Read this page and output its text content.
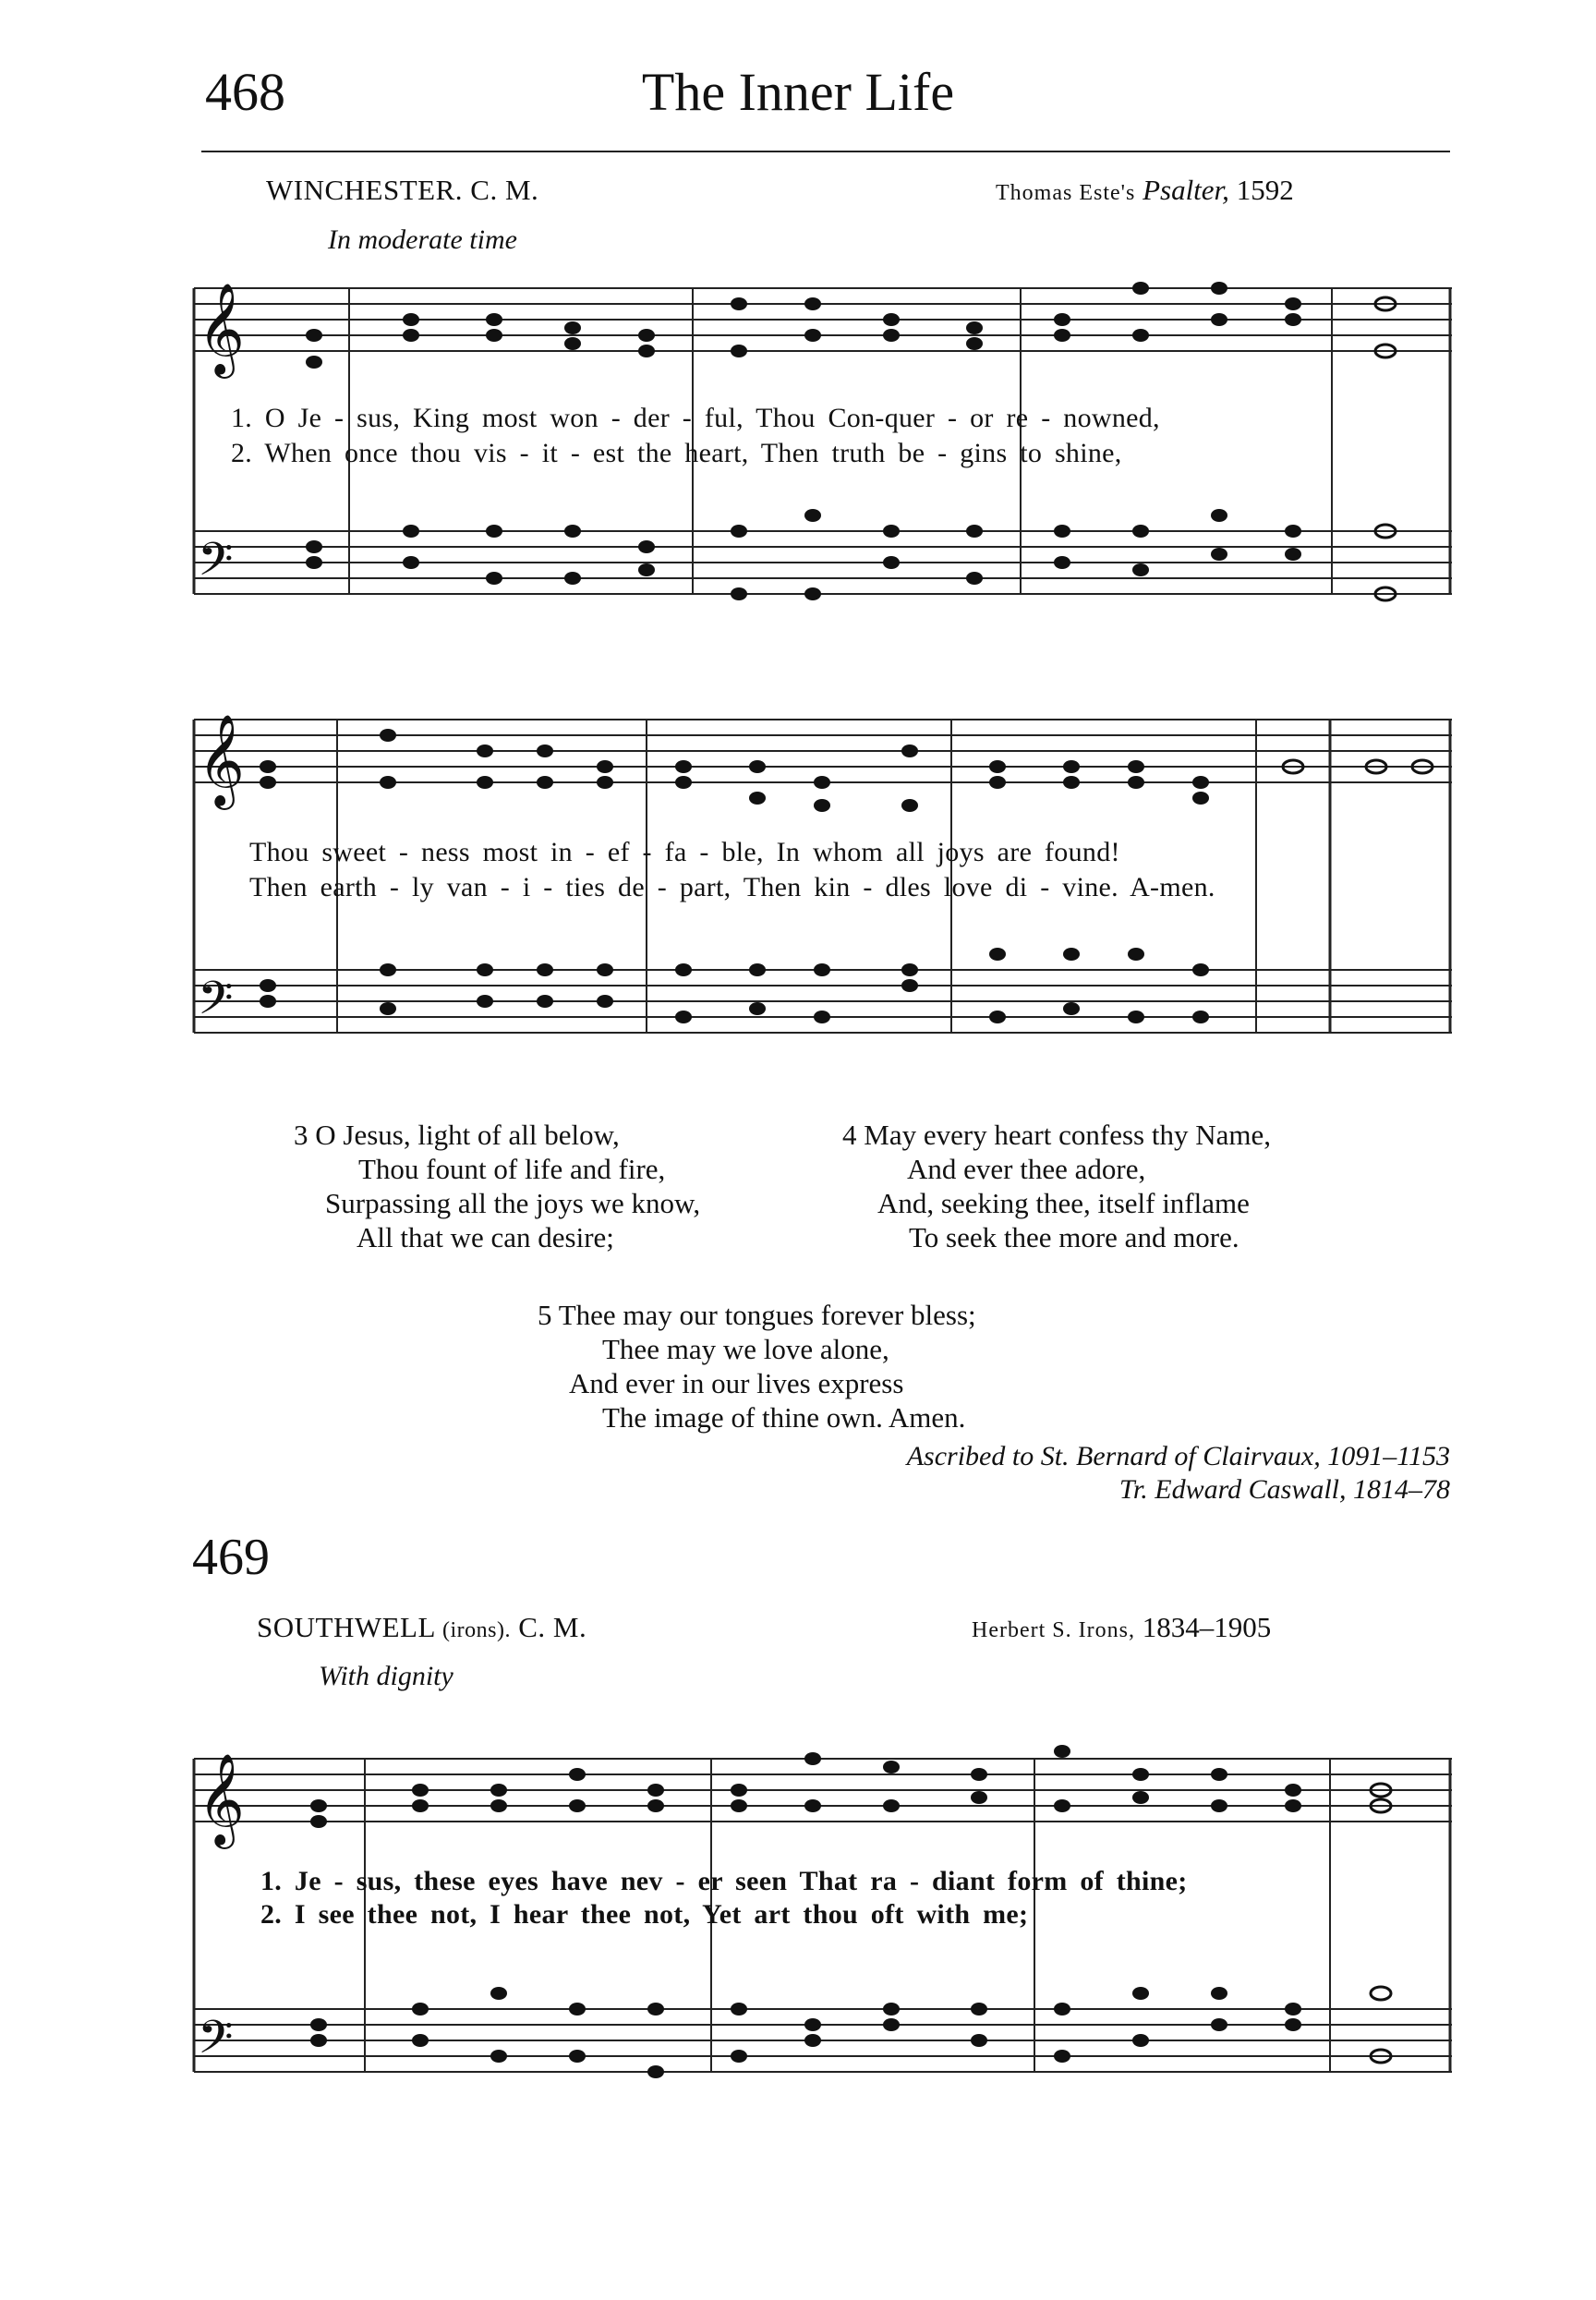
468	The Inner Life
WINCHESTER. C. M.	Thomas Este's Psalter, 1592
In moderate time
𝄞
𝄢
𝄞
𝄢
𝄞
𝄢
1. O Je - sus, King most won - der - ful, Thou Con-quer - or re - nowned,
2. When once thou vis - it - est the heart, Then truth be - gins to shine,
Thou sweet - ness most in - ef - fa - ble, In whom all joys are found!
Then earth - ly van - i - ties de - part, Then kin - dles love di - vine. A-men.
3 O Jesus, light of all below,
Thou fount of life and fire,
Surpassing all the joys we know,
All that we can desire;
4 May every heart confess thy Name,
And ever thee adore,
And, seeking thee, itself inflame
To seek thee more and more.
5 Thee may our tongues forever bless;
Thee may we love alone,
And ever in our lives express
The image of thine own. Amen.
Ascribed to St. Bernard of Clairvaux, 1091–1153
Tr. Edward Caswall, 1814–78
469
SOUTHWELL (irons). C. M.	Herbert S. Irons, 1834–1905
With dignity
1. Je - sus, these eyes have nev - er seen That ra - diant form of thine;
2. I see thee not, I hear thee not, Yet art thou oft with me;
